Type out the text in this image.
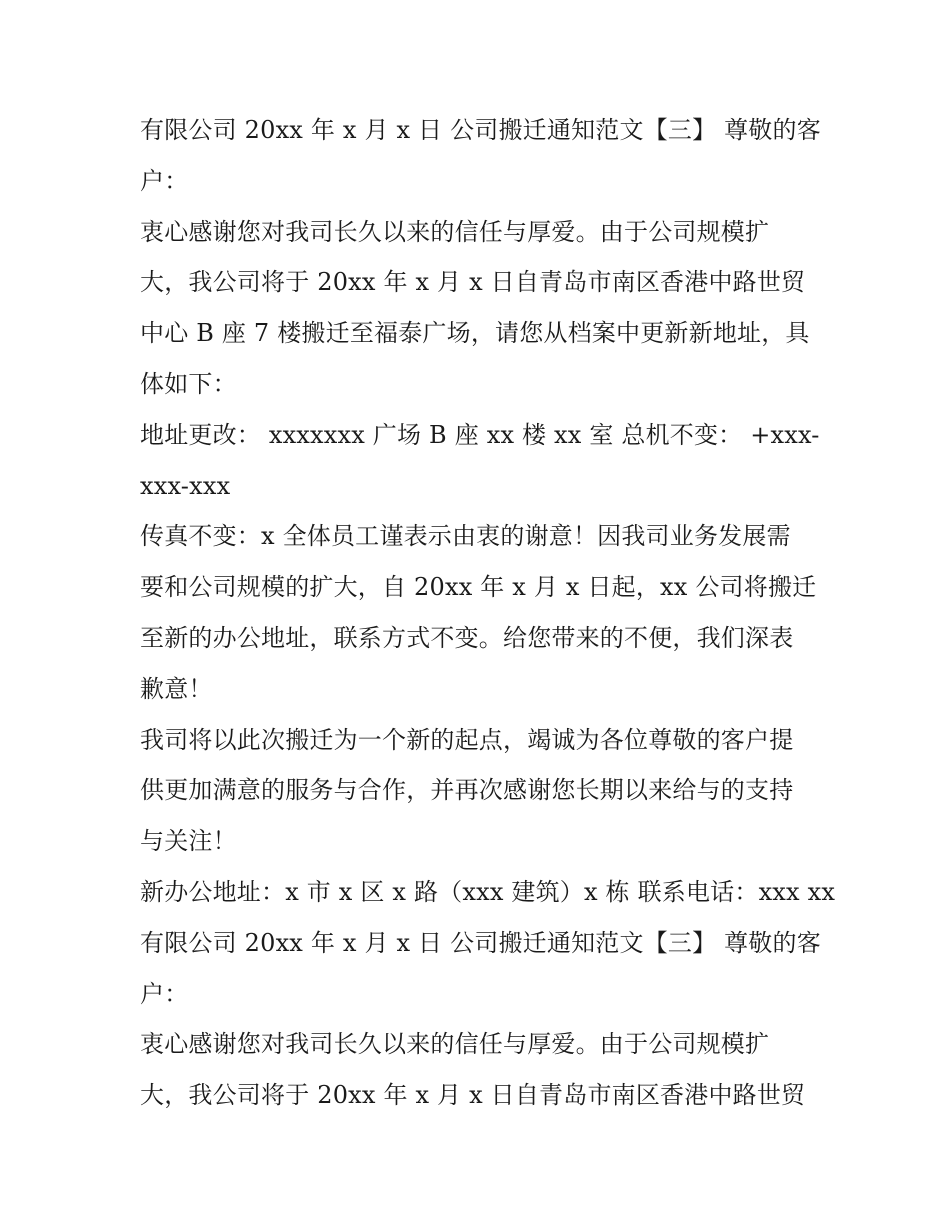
有限公司 20xx 年 x 月 x 日 公司搬迁通知范文【三】 尊敬的客
户：
衷心感谢您对我司长久以来的信任与厚爱。由于公司规模扩
大，我公司将于 20xx 年 x 月 x 日自青岛市南区香港中路世贸
中心 B 座 7 楼搬迁至福泰广场，请您从档案中更新新地址，具
体如下：
地址更改： xxxxxxx 广场 B 座 xx 楼 xx 室 总机不变： +xxx-
xxx-xxx
传真不变：x 全体员工谨表示由衷的谢意！因我司业务发展需
要和公司规模的扩大，自 20xx 年 x 月 x 日起，xx 公司将搬迁
至新的办公地址，联系方式不变。给您带来的不便，我们深表
歉意！
我司将以此次搬迁为一个新的起点，竭诚为各位尊敬的客户提
供更加满意的服务与合作，并再次感谢您长期以来给与的支持
与关注！
新办公地址：x 市 x 区 x 路（xxx 建筑）x 栋 联系电话：xxx xx
有限公司 20xx 年 x 月 x 日 公司搬迁通知范文【三】 尊敬的客
户：
衷心感谢您对我司长久以来的信任与厚爱。由于公司规模扩
大，我公司将于 20xx 年 x 月 x 日自青岛市南区香港中路世贸
